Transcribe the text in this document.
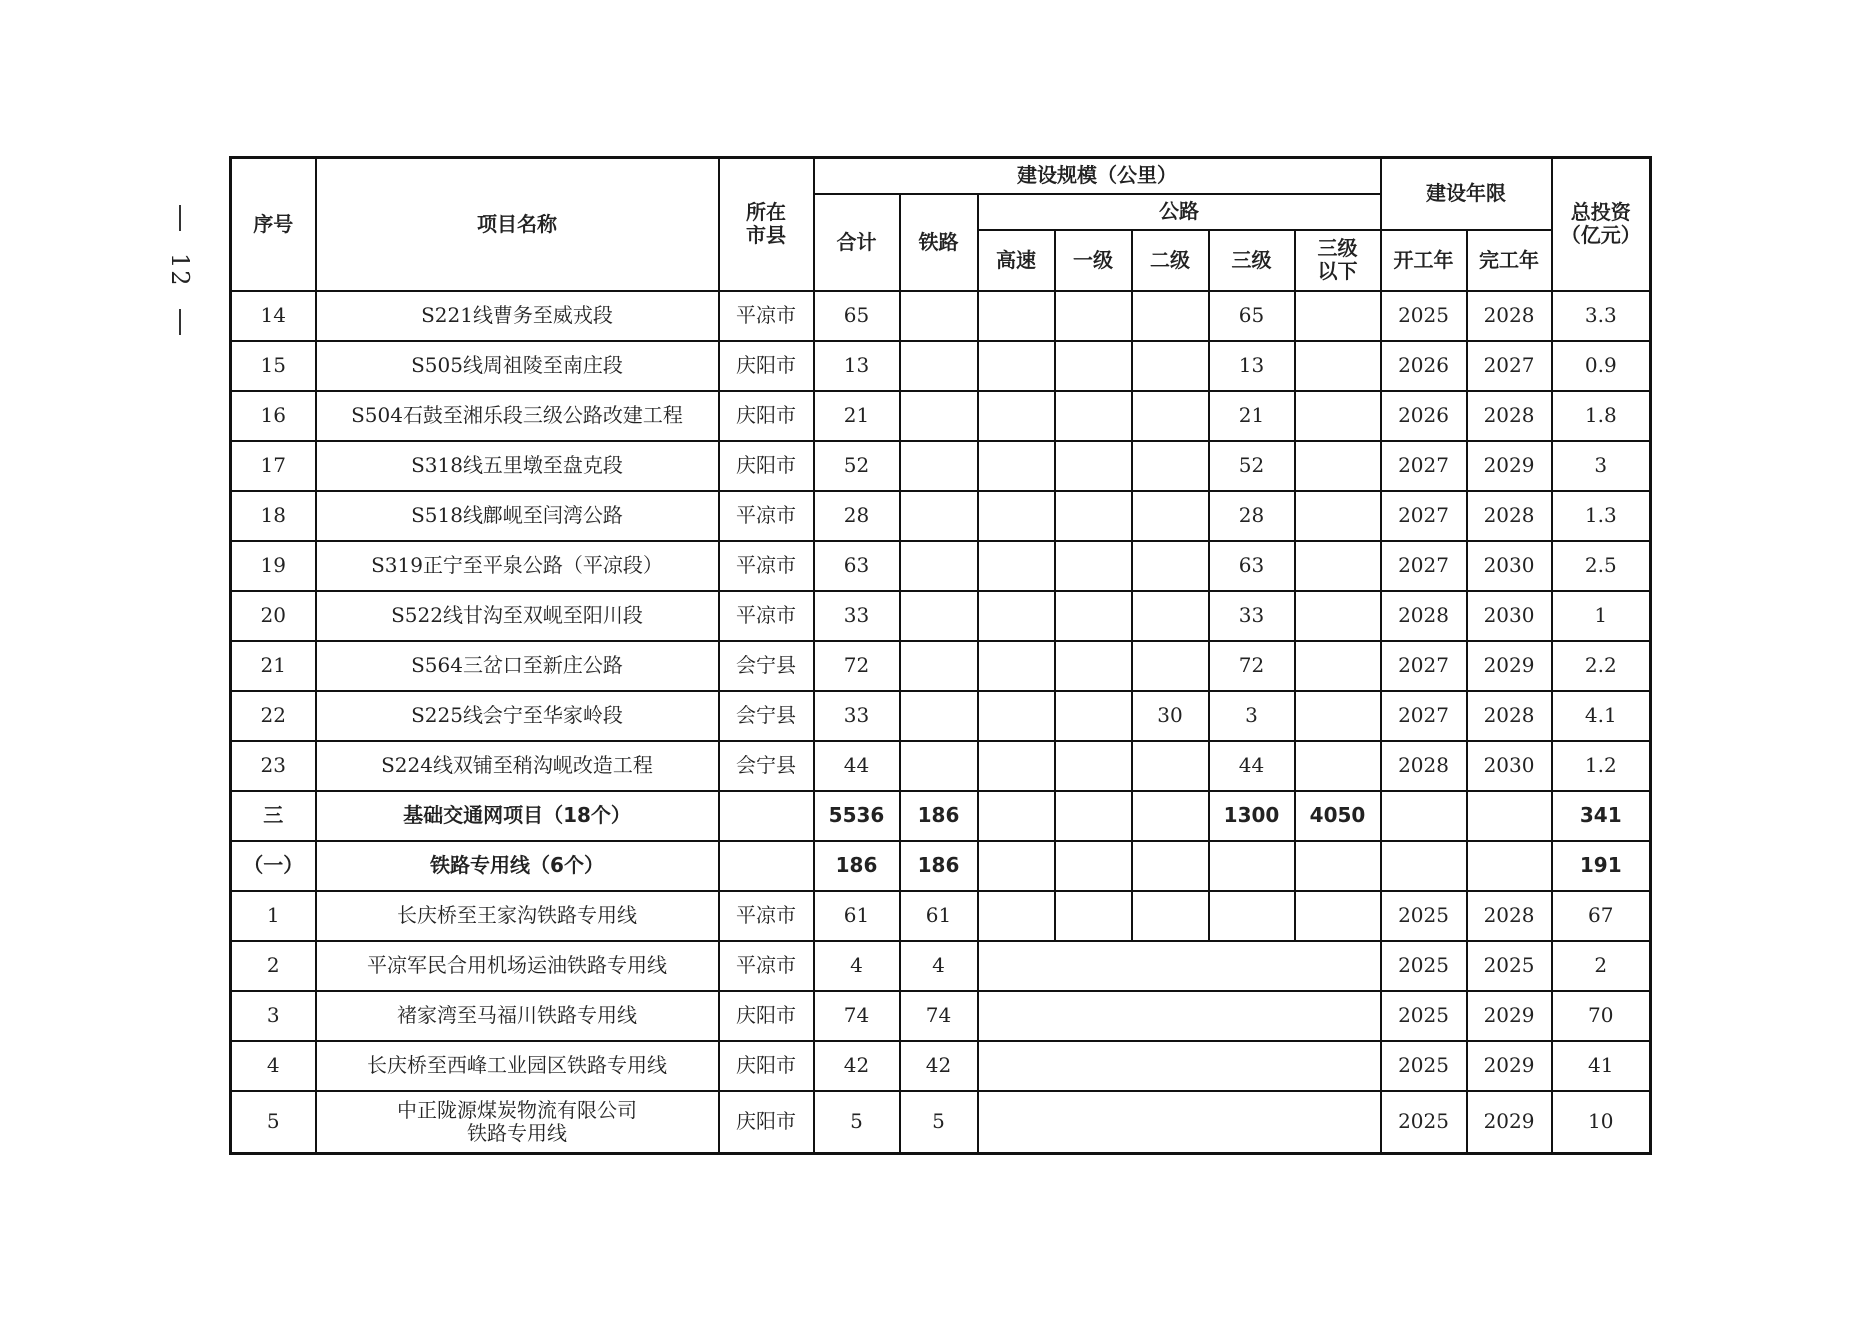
12
序号	项目名称	所在
市县	建设规模（公里）							建设年限		总投资
（亿元）
			合计	铁路	公路							
					高速	一级	二级	三级	三级
以下	开工年	完工年	
14	S221线曹务至威戎段	平凉市	65					65		2025	2028	3.3
15	S505线周祖陵至南庄段	庆阳市	13					13		2026	2027	0.9
16	S504石鼓至湘乐段三级公路改建工程	庆阳市	21					21		2026	2028	1.8
17	S318线五里墩至盘克段	庆阳市	52					52		2027	2029	3
18	S518线鄜岘至闫湾公路	平凉市	28					28		2027	2028	1.3
19	S319正宁至平泉公路（平凉段）	平凉市	63					63		2027	2030	2.5
20	S522线甘沟至双岘至阳川段	平凉市	33					33		2028	2030	1
21	S564三岔口至新庄公路	会宁县	72					72		2027	2029	2.2
22	S225线会宁至华家岭段	会宁县	33				30	3		2027	2028	4.1
23	S224线双铺至稍沟岘改造工程	会宁县	44					44		2028	2030	1.2
三	基础交通网项目（18个）		5536	186				1300	4050			341
（一）	铁路专用线（6个）		186	186								191
1	长庆桥至王家沟铁路专用线	平凉市	61	61						2025	2028	67
2	平凉军民合用机场运油铁路专用线	平凉市	4	4						2025	2025	2
3	褚家湾至马福川铁路专用线	庆阳市	74	74						2025	2029	70
4	长庆桥至西峰工业园区铁路专用线	庆阳市	42	42						2025	2029	41
5	中正陇源煤炭物流有限公司
铁路专用线	庆阳市	5	5						2025	2029	10
